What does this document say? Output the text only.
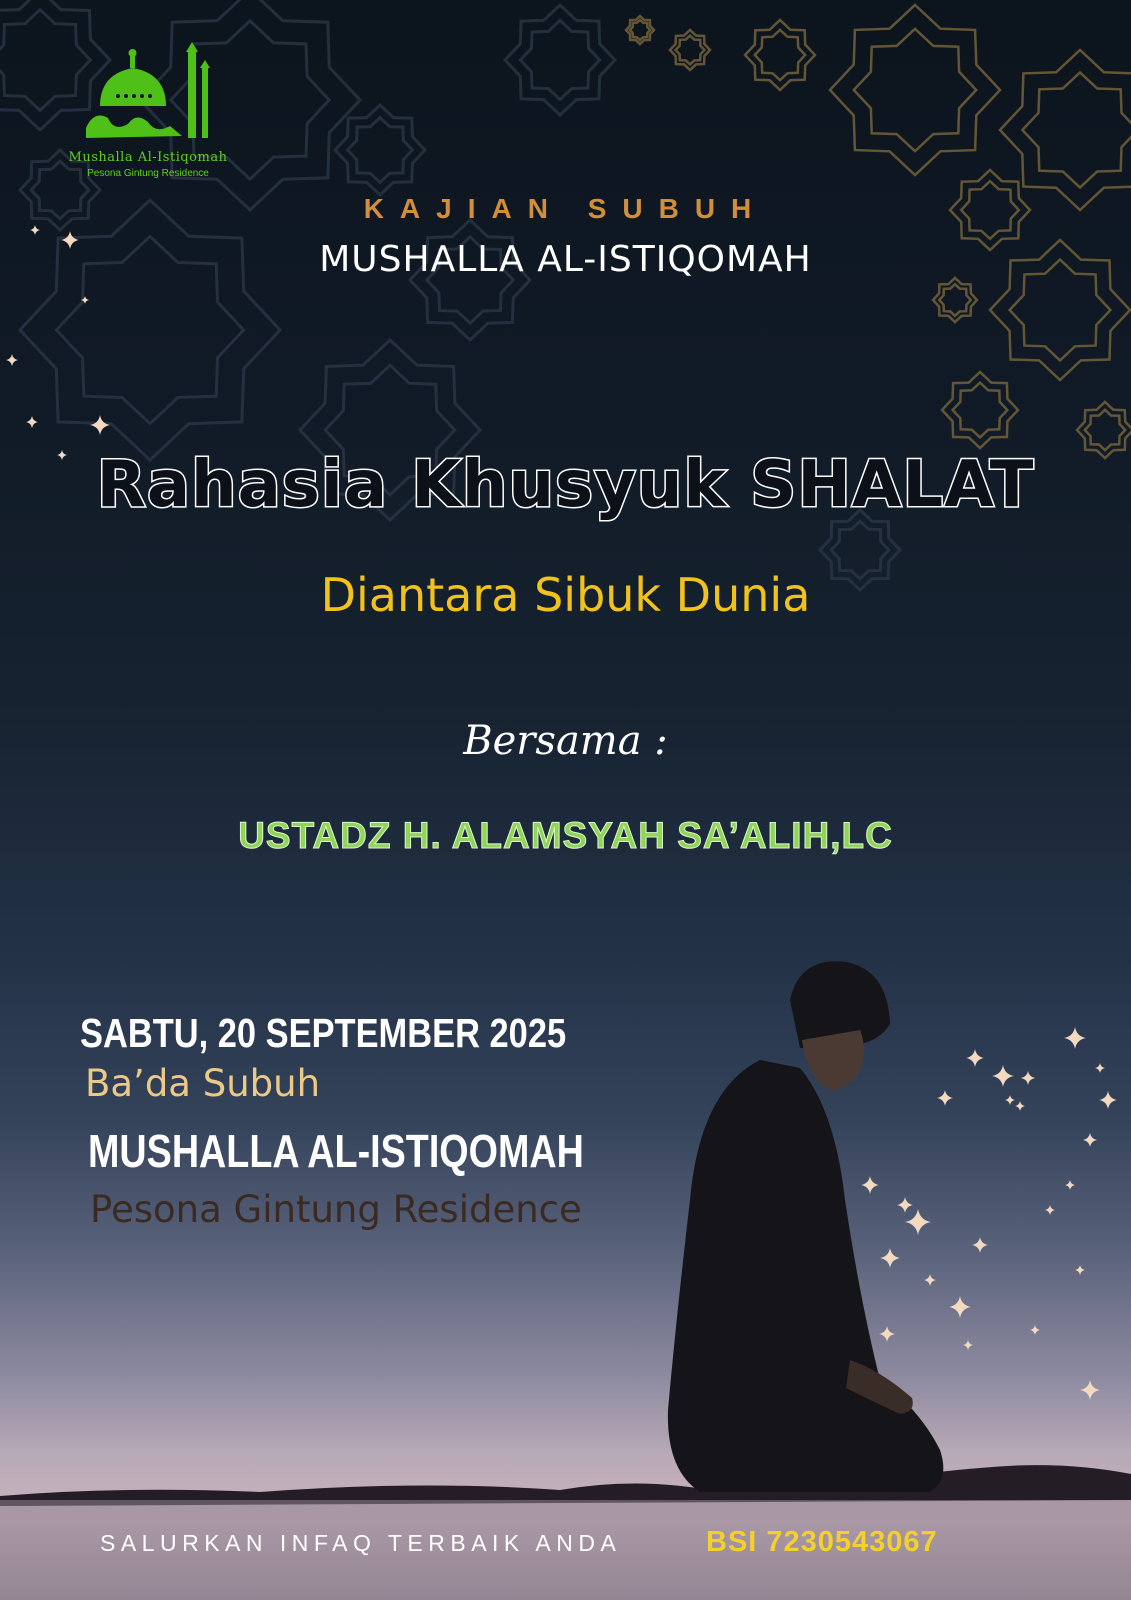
Mushalla Al-Istiqomah
Pesona Gintung Residence
KAJIAN SUBUH
MUSHALLA AL-ISTIQOMAH
Rahasia Khusyuk SHALAT
Diantara Sibuk Dunia
Bersama :
USTADZ H. ALAMSYAH SA’ALIH,LC
SABTU, 20 SEPTEMBER 2025
Ba’da Subuh
MUSHALLA AL-ISTIQOMAH
Pesona Gintung Residence
SALURKAN INFAQ TERBAIK ANDA	BSI 7230543067
